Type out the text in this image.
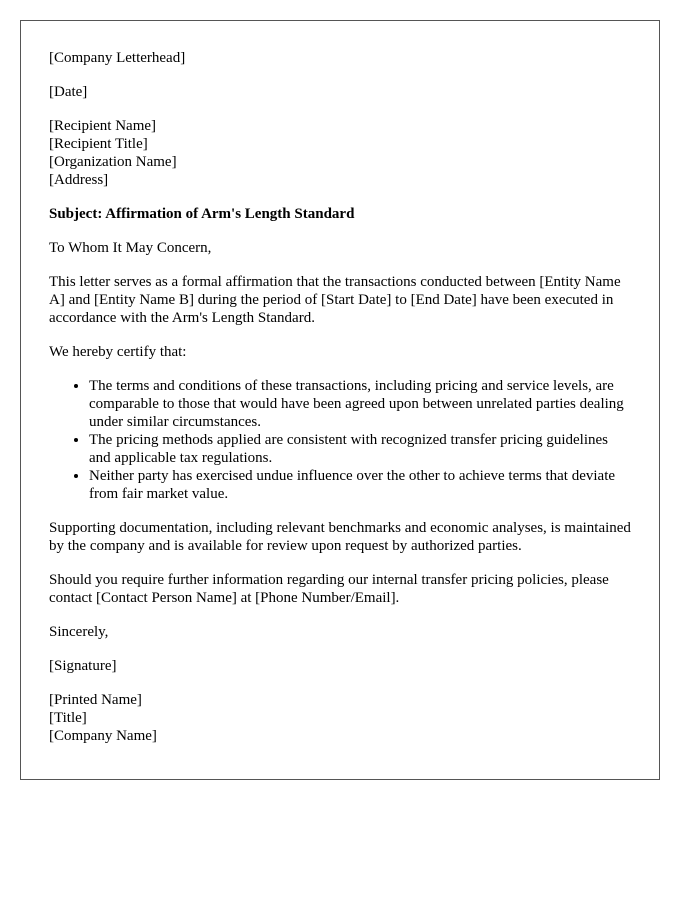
[Company Letterhead]

[Date]

[Recipient Name]
[Recipient Title]
[Organization Name]
[Address]

Subject: Affirmation of Arm's Length Standard

To Whom It May Concern,

This letter serves as a formal affirmation that the transactions conducted between [Entity Name A] and [Entity Name B] during the period of [Start Date] to [End Date] have been executed in accordance with the Arm's Length Standard.

We hereby certify that:

• The terms and conditions of these transactions, including pricing and service levels, are comparable to those that would have been agreed upon between unrelated parties dealing under similar circumstances.
• The pricing methods applied are consistent with recognized transfer pricing guidelines and applicable tax regulations.
• Neither party has exercised undue influence over the other to achieve terms that deviate from fair market value.

Supporting documentation, including relevant benchmarks and economic analyses, is maintained by the company and is available for review upon request by authorized parties.

Should you require further information regarding our internal transfer pricing policies, please contact [Contact Person Name] at [Phone Number/Email].

Sincerely,

[Signature]

[Printed Name]
[Title]
[Company Name]
